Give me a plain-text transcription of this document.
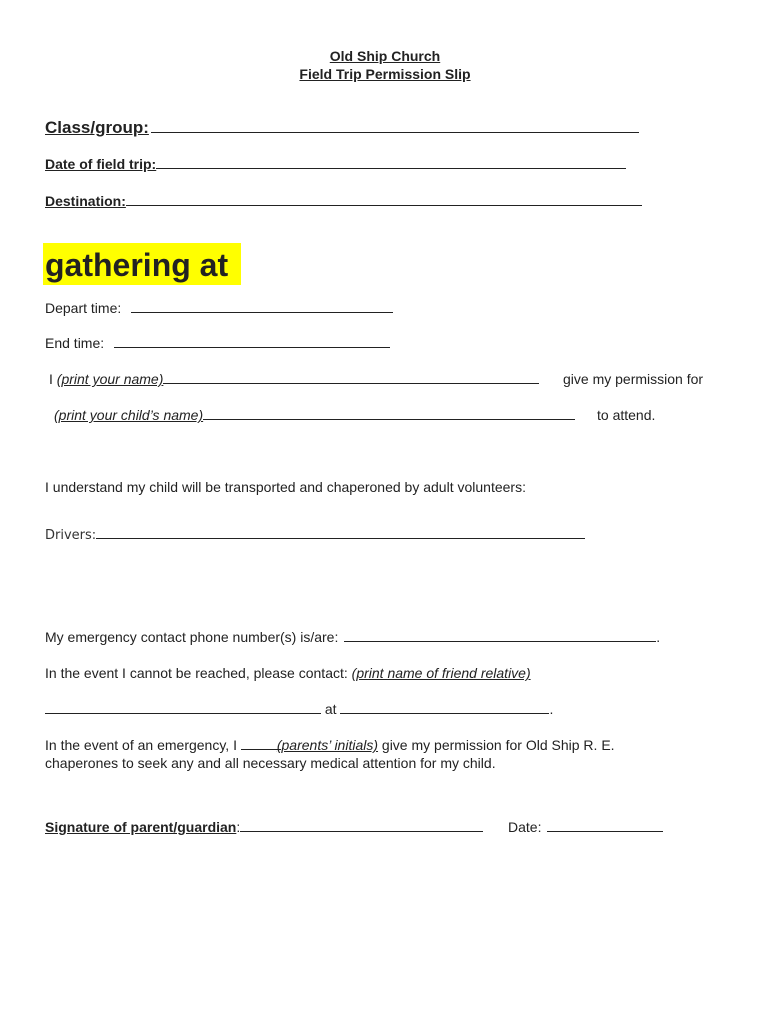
Old Ship Church
Field Trip Permission Slip
Class/group:
Date of field trip:
Destination:
gathering at
Depart time:
End time:
I (print your name)	give my permission for
(print your child’s name)	to attend.
I understand my child will be transported and chaperoned by adult volunteers:
Drivers:
My emergency contact phone number(s) is/are:	.
In the event I cannot be reached, please contact: (print name of friend relative)
at	.
In the event of an emergency, I	(parents’ initials) give my permission for Old Ship R. E.
chaperones to seek any and all necessary medical attention for my child.
Signature of parent/guardian:	Date:
